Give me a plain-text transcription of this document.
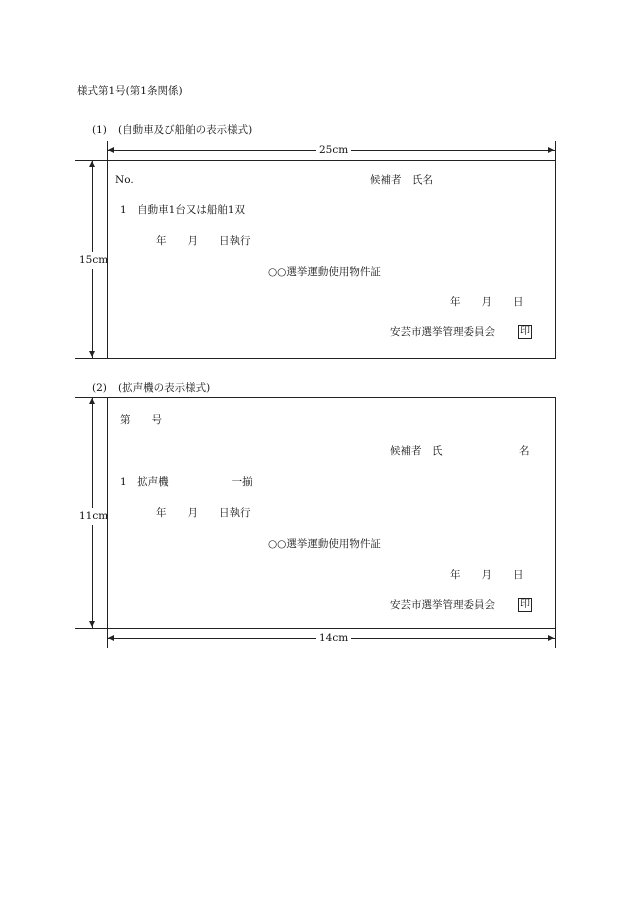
様式第1号(第1条関係)
(1) (自動車及び船舶の表示様式)
25cm
15cm
No.	候補者　氏名
1　自動車1台又は船舶1双
年　　月　　日執行
○○選挙運動使用物件証
年　　月　　日
安芸市選挙管理委員会	印
(2) (拡声機の表示様式)
11cm
第　　号
候補者　氏	名
1　拡声機　　　　　　一揃
年　　月　　日執行
○○選挙運動使用物件証
年　　月　　日
安芸市選挙管理委員会	印
14cm
